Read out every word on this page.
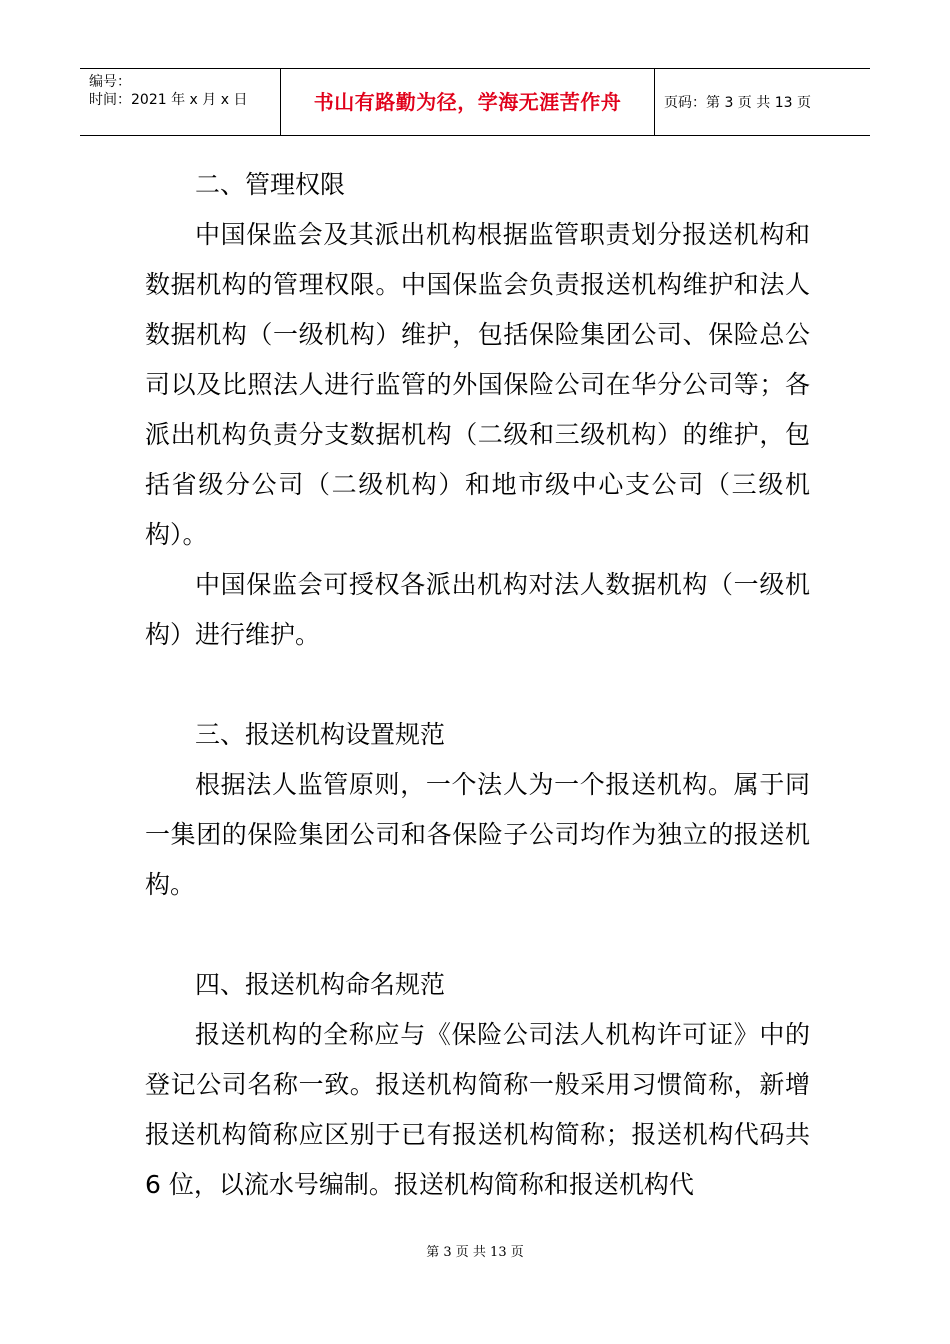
编号：
时间：2021 年 x 月 x 日	书山有路勤为径，学海无涯苦作舟	页码：第 3 页 共 13 页

二、管理权限

中国保监会及其派出机构根据监管职责划分报送机构和数据机构的管理权限。中国保监会负责报送机构维护和法人数据机构（一级机构）维护，包括保险集团公司、保险总公司以及比照法人进行监管的外国保险公司在华分公司等；各派出机构负责分支数据机构（二级和三级机构）的维护，包括省级分公司（二级机构）和地市级中心支公司（三级机构）。

中国保监会可授权各派出机构对法人数据机构（一级机构）进行维护。

三、报送机构设置规范

根据法人监管原则，一个法人为一个报送机构。属于同一集团的保险集团公司和各保险子公司均作为独立的报送机构。

四、报送机构命名规范

报送机构的全称应与《保险公司法人机构许可证》中的登记公司名称一致。报送机构简称一般采用习惯简称，新增报送机构简称应区别于已有报送机构简称；报送机构代码共 6 位，以流水号编制。报送机构简称和报送机构代

第 3 页 共 13 页
